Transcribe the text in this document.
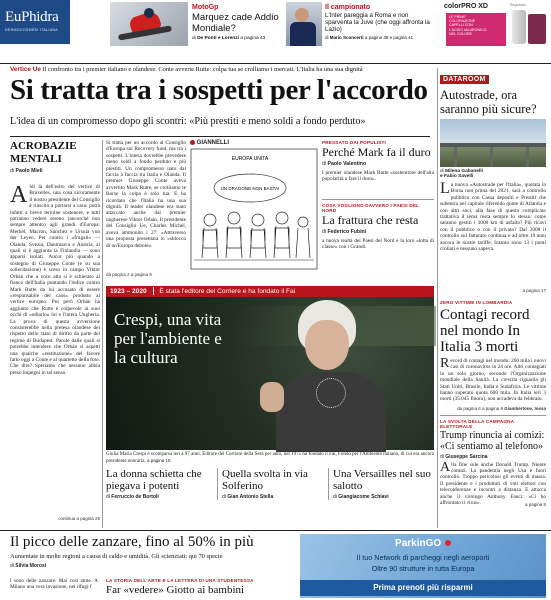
EuPhidra
DERMOCOSMESI ITALIANA
MotoGp
Marquez cade Addio Mondiale?
di De Ponti e Lorenzi a pagina 43
Il campionato
L'Inter pareggia a Roma e non sparventa la Juve (che oggi affronta la Lazio)
di Mario Sconcerti a pagine 38 e pagina 41
colorPRO XD
LE PRIME
COLORAZIONE
CAPELLI CON
L'ACIDO IALURONICO
NEL COLORE
Registrato
Vertice Ue Il confronto tra i premier italiano e olandese. Conte avverte Rutte: colpa tua se crolliamo i mercati. L'Italia ha una sua dignità
Si tratta tra i sospetti per l'accordo
L'idea di un compromesso dopo gli scontri: «Più prestiti e meno soldi a fondo perduto»
ACROBAZIE MENTALI
di Paolo Mieli
A ldi là dell'esito del vertice di Bruxelles, una cosa sicuramente il nostro presidente del Consiglio è riuscito a portarsi a casa: potrà infatti a breve termine sostenere, e tutti potranno vedere sereno (ancorché non sempre attento) agli grandi d'Europa: Merkel, Macron, Sánchez e Ursula von der Leyen. Per contro i «frugali» — Olanda, Svezia, Danimarca e Austria, ai quali si è aggiunta la Finlandia — sono apparsi isolati. Ancor più quando a sostegno di Giuseppe Conte (e su sua sollecitazione) è sceso in campo Viktor Orbán che a voce alta si è schierato al fianco dell'Italia puntando l'indice contro Mark Rutte da lui accusato di essere «responsabile del caos» prodotto al vertice europeo. Poi però Orbán ha aggiunto che Rutte è colpevole ai suoi occhi di «odiarlo» lui e l'intera Ungheria. La prova di questa avversione consisterebbe nella pretesa olandese del rispetto dello stato di diritto da parte del regime di Budapest. Parole dalle quali si potrebbe intendere che Orbán si aspetti una qualche «restituzione» del favore fatto oggi a Conte e al quartetto della foto. Che dire? Speriamo che nessuno abbia preso impegni in tal senso.
continua a pagina 28
Si tratta per un accordo al Consiglio d'Europa sul Recovery fund, ma tra i sospetti. L'intesa dovrebbe prevedere meno soldi a fondo perduto e più prestiti. Un compromesso nato dal faccia a faccia tra Italia e Olanda. Il premier Giuseppe Conte aveva avvertito Mark Rutte, se crolliamo le Borse la colpa è solo tua. E ha ricordato che l'Italia ha una sua dignità. Il leader olandese era stato attaccato anche dal premier ungherese Viktor Orbán. Il presidente del Consiglio Ue, Charles Michel, aveva ammonito i 27: «Attraverso una proposta presentata lo «sblocco di un'Europa debole».
da pagina 2 a pagina 9
GIANNELLI
UN DRAGONE NON BASTA!
EUROPA UNITA
PRESSATO DAI POPULISTI
Perché Mark fa il duro
di Paolo Valentino
I premier olandese Mark Rutte «sostenitore dell'alta popolarità a fare il duro».
COSA VOGLIONO DAVVERO I PAESI DEL NORD
La frattura che resta
di Federico Fubini
a nuova realtà dei Paesi del Nord e la loro «lotta di classe» con i Grandi.
DATAROOM
Autostrade, ora saranno più sicure?
di Milena Gabanelli
e Fabio Savelli
L a nuova «Autostrade per l'Italia», quotata in Borsa non prima del 2021, sarà a controllo pubblico con Cassa depositi e Prestiti che subentra nel capitale riferendo quote di Atlantia e con altri soci, alla fase di questo complicato trattativa il tema resta sempre lo stesso: come saranno gestiti i 3000 km di asfalto? Più ricavi con il pubblico o con il privato? Dal 2008 il controllo sul fatturato continua e ad oltre 10 anni ancora le nostre tariffe. Intanto sono 13 i ponti crollati e nessuno sapeva.
a pagina 17
1923 – 2020 È stata l'editore del Corriere e ha fondato il Fai
Crespi, una vita per l'ambiente e la cultura
Giulia Maria Crespi è scomparsa ieri a 97 anni. Editore del Corriere della Sera per anni, nel 1975 ha fondato il Fai, Fondo per l'Ambiente italiano, di cui era ancora presidente onoraria. a pagina 15
La donna schietta che piegava i potenti
di Ferruccio de Bortoli
Quella svolta in via Solferino
di Gian Antonio Stella
Una Versailles nel suo salotto
di Giangiacome Schiavi
ZERO VITTIME IN LOMBARDIA
Contagi record nel mondo In Italia 3 morti
R ecord di contagi nel mondo: 260 mila i nuovi casi di coronavirus in 24 ore. Altri contagiati in un solo giorno, secondo l'Organizzazione mondiale della Sanità. La crescita riguarda gli Stati Uniti, Brasile, India e Sudafrica. Le vittime hanno superato quota 600 mila. In Italia ieri 3 morti (35.045 finora), non accadeva da febbraio.
da pagina 6 a pagina 9 Giambertone, Iossa
LA SVOLTA DELLA CAMPAGNA ELETTORALE
Trump rinuncia ai comizi: «Ci sentiamo al telefono»
di Giuseppe Sarcina
A lla fine sole anche Donald Trump. Niente comizi. La pandemia negli Usa è fuori controllo. Troppo pericolosi gli eventi di massa. Il presidente e i produttori di voti elettori con teleconferenze e incontri a distanza. E attacca anche il virologo Anthony Fauci: «Ci ho affrontato il virus».	a pagina 9
Il picco delle zanzare, fino al 50% in più
Aumentate in molte regioni a causa di caldo e umidità. Gli scienziati: qui 70 specie
di Silvia Morosi
l sono delle zanzare. Mai così tante. A Milano una vera invasione, nei rifugi l'
LA STORIA DELL'ARTE E LA LETTERA DI UNA STUDENTESSA
Far «vedere» Giotto ai bambini
ParkinGO
Il tuo Network di parcheggi negli aeroporti
Oltre 90 strutture in tutta Europa
Prima prenoti più risparmi
